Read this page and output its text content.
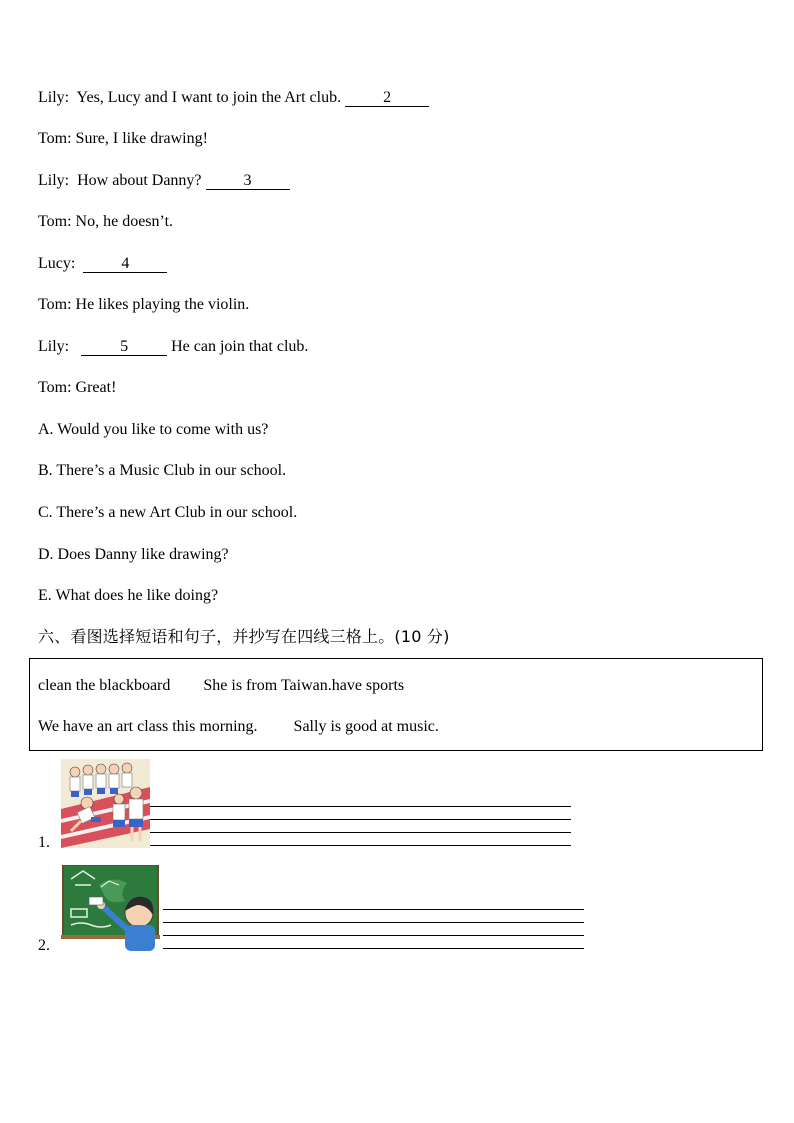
Lily: Yes, Lucy and I want to join the Art club.	2
Tom: Sure, I like drawing!
Lily: How about Danny?	3
Tom: No, he doesn’t.
Lucy:	4
Tom: He likes playing the violin.
Lily:	5	He can join that club.
Tom: Great!
A. Would you like to come with us?
B. There’s a Music Club in our school.
C. There’s a new Art Club in our school.
D. Does Danny like drawing?
E. What does he like doing?
六、看图选择短语和句子，并抄写在四线三格上。(10 分)
clean the blackboard She is from Taiwan.have sports
We have an art class this morning. Sally is good at music.
1.
2.
